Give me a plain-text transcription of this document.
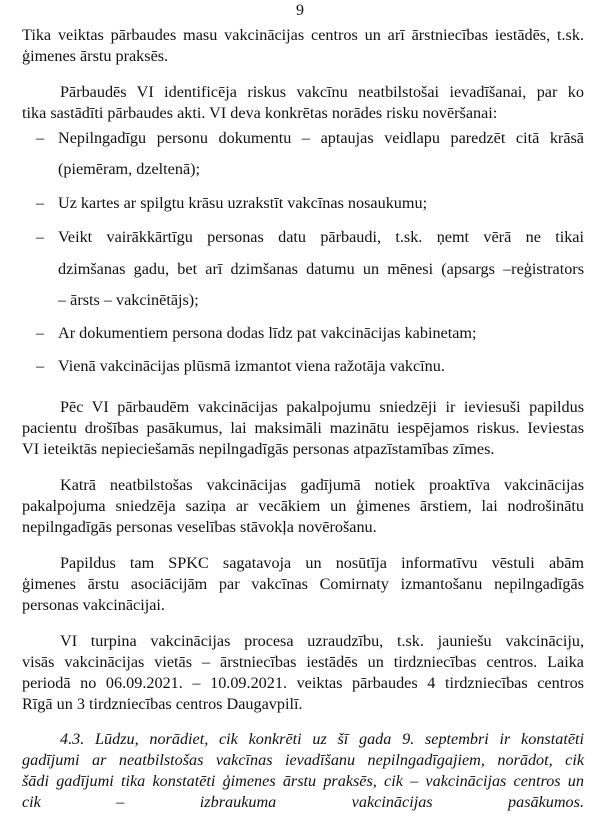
9
Tika veiktas pārbaudes masu vakcinācijas centros un arī ārstniecības iestādēs, t.sk.
ģimenes ārstu praksēs.
Pārbaudēs VI identificēja riskus vakcīnu neatbilstošai ievadīšanai, par ko
tika sastādīti pārbaudes akti. VI deva konkrētas norādes risku novēršanai:
– Nepilngadīgu personu dokumentu – aptaujas veidlapu paredzēt citā krāsā
(piemēram, dzeltenā);
– Uz kartes ar spilgtu krāsu uzrakstīt vakcīnas nosaukumu;
– Veikt vairākkārtīgu personas datu pārbaudi, t.sk. ņemt vērā ne tikai
dzimšanas gadu, bet arī dzimšanas datumu un mēnesi (apsargs –reģistrators
– ārsts – vakcinētājs);
– Ar dokumentiem persona dodas līdz pat vakcinācijas kabinetam;
– Vienā vakcinācijas plūsmā izmantot viena ražotāja vakcīnu.
Pēc VI pārbaudēm vakcinācijas pakalpojumu sniedzēji ir ieviesuši papildus
pacientu drošības pasākumus, lai maksimāli mazinātu iespējamos riskus. Ieviestas
VI ieteiktās nepieciešamās nepilngadīgās personas atpazīstamības zīmes.
Katrā neatbilstošas vakcinācijas gadījumā notiek proaktīva vakcinācijas
pakalpojuma sniedzēja saziņa ar vecākiem un ģimenes ārstiem, lai nodrošinātu
nepilngadīgās personas veselības stāvokļa novērošanu.
Papildus tam SPKC sagatavoja un nosūtīja informatīvu vēstuli abām
ģimenes ārstu asociācijām par vakcīnas Comirnaty izmantošanu nepilngadīgās
personas vakcinācijai.
VI turpina vakcinācijas procesa uzraudzību, t.sk. jauniešu vakcināciju,
visās vakcinācijas vietās – ārstniecības iestādēs un tirdzniecības centros. Laika
periodā no 06.09.2021. – 10.09.2021. veiktas pārbaudes 4 tirdzniecības centros
Rīgā un 3 tirdzniecības centros Daugavpilī.
4.3. Lūdzu, norādiet, cik konkrēti uz šī gada 9. septembri ir konstatēti
gadījumi ar neatbilstošas vakcīnas ievadīšanu nepilngadīgajiem, norādot, cik
šādi gadījumi tika konstatēti ģimenes ārstu praksēs, cik – vakcinācijas centros un
cik – izbraukuma vakcinācijas pasākumos.
